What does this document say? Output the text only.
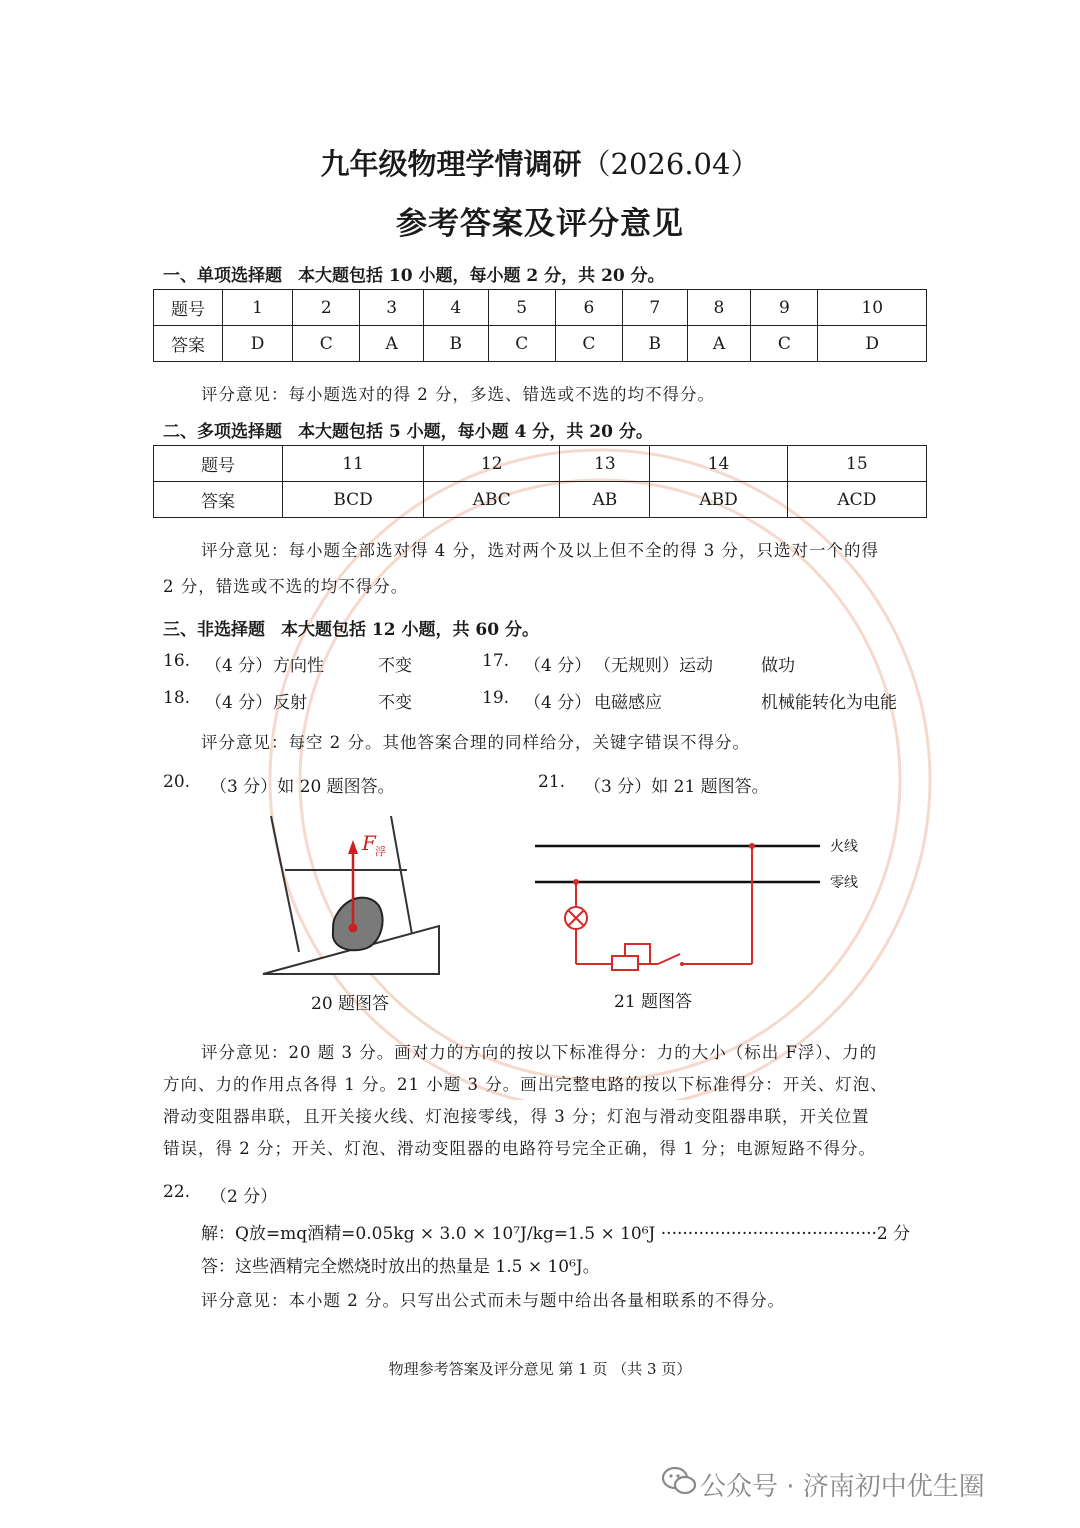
九年级物理学情调研（2026.04）
参考答案及评分意见
一、单项选择题 本大题包括 10 小题，每小题 2 分，共 20 分。
题号	1	2	3	4	5	6	7	8	9	10
答案	D	C	A	B	C	C	B	A	C	D
评分意见：每小题选对的得 2 分，多选、错选或不选的均不得分。
二、多项选择题 本大题包括 5 小题，每小题 4 分，共 20 分。
题号	11	12	13	14	15
答案	BCD	ABC	AB	ABD	ACD
评分意见：每小题全部选对得 4 分，选对两个及以上但不全的得 3 分，只选对一个的得
2 分，错选或不选的均不得分。
三、非选择题 本大题包括 12 小题，共 60 分。
16. （4 分） 方向性	不变	17. （4 分） （无规则）运动	做功
18. （4 分） 反射	不变	19. （4 分） 电磁感应	机械能转化为电能
评分意见：每空 2 分。其他答案合理的同样给分，关键字错误不得分。
20. （3 分）如 20 题图答。	21. （3 分）如 21 题图答。
F 浮
20 题图答
火线
零线
21 题图答
评分意见：20 题 3 分。画对力的方向的按以下标准得分：力的大小（标出 F浮）、力的
方向、力的作用点各得 1 分。21 小题 3 分。画出完整电路的按以下标准得分：开关、灯泡、
滑动变阻器串联，且开关接火线、灯泡接零线，得 3 分；灯泡与滑动变阻器串联，开关位置
错误，得 2 分；开关、灯泡、滑动变阻器的电路符号完全正确，得 1 分；电源短路不得分。
22. （2 分）
解：Q放=mq酒精=0.05kg × 3.0 × 10⁷J/kg=1.5 × 10⁶J ········································2 分
答：这些酒精完全燃烧时放出的热量是 1.5 × 10⁶J。
评分意见：本小题 2 分。只写出公式而未与题中给出各量相联系的不得分。
物理参考答案及评分意见 第 1 页 （共 3 页）
公众号 · 济南初中优生圈
